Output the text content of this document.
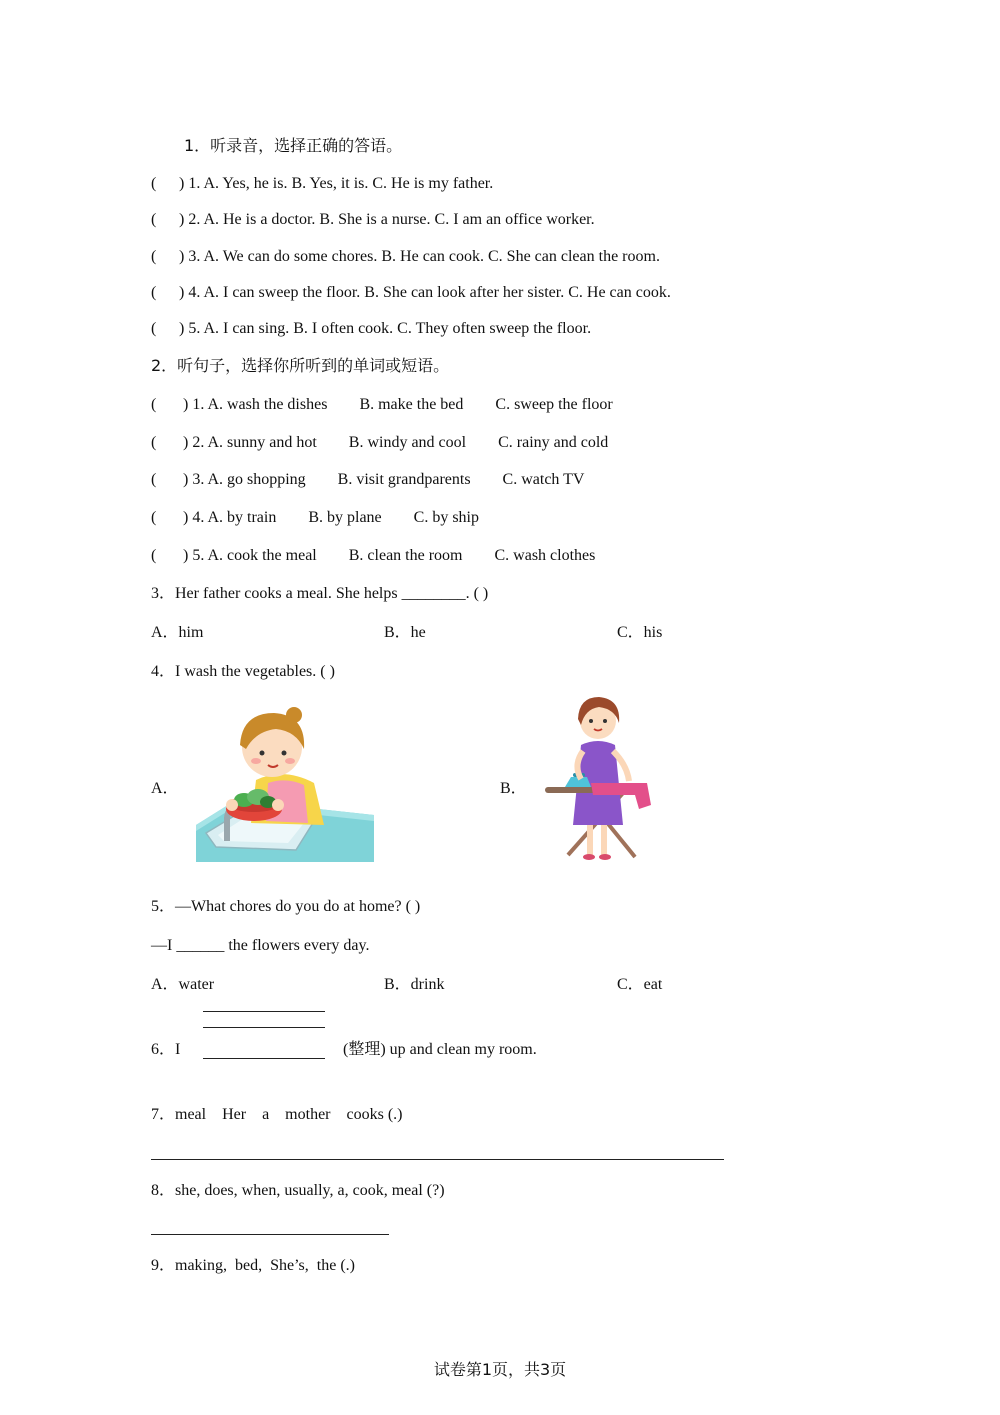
1．听录音，选择正确的答语。
( ) 1. A. Yes, he is. B. Yes, it is. C. He is my father.
( ) 2. A. He is a doctor. B. She is a nurse. C. I am an office worker.
( ) 3. A. We can do some chores. B. He can cook. C. She can clean the room.
( ) 4. A. I can sweep the floor. B. She can look after her sister. C. He can cook.
( ) 5. A. I can sing. B. I often cook. C. They often sweep the floor.
2．听句子，选择你所听到的单词或短语。
( ) 1. A. wash the dishes B. make the bed C. sweep the floor
( ) 2. A. sunny and hot B. windy and cool C. rainy and cold
( ) 3. A. go shopping B. visit grandparents C. watch TV
( ) 4. A. by train B. by plane C. by ship
( ) 5. A. cook the meal B. clean the room C. wash clothes
3．Her father cooks a meal. She helps ________. ( )
A．him	B．he	C．his
4．I wash the vegetables. ( )
A．	B．
5．—What chores do you do at home? ( )
—I ______ the flowers every day.
A．water	B．drink	C．eat
6．I	(整理) up and clean my room.
7．meal    Her    a    mother    cooks (.)
8．she, does, when, usually, a, cook, meal (?)
9．making,  bed,  She’s,  the (.)
试卷第1页，共3页
